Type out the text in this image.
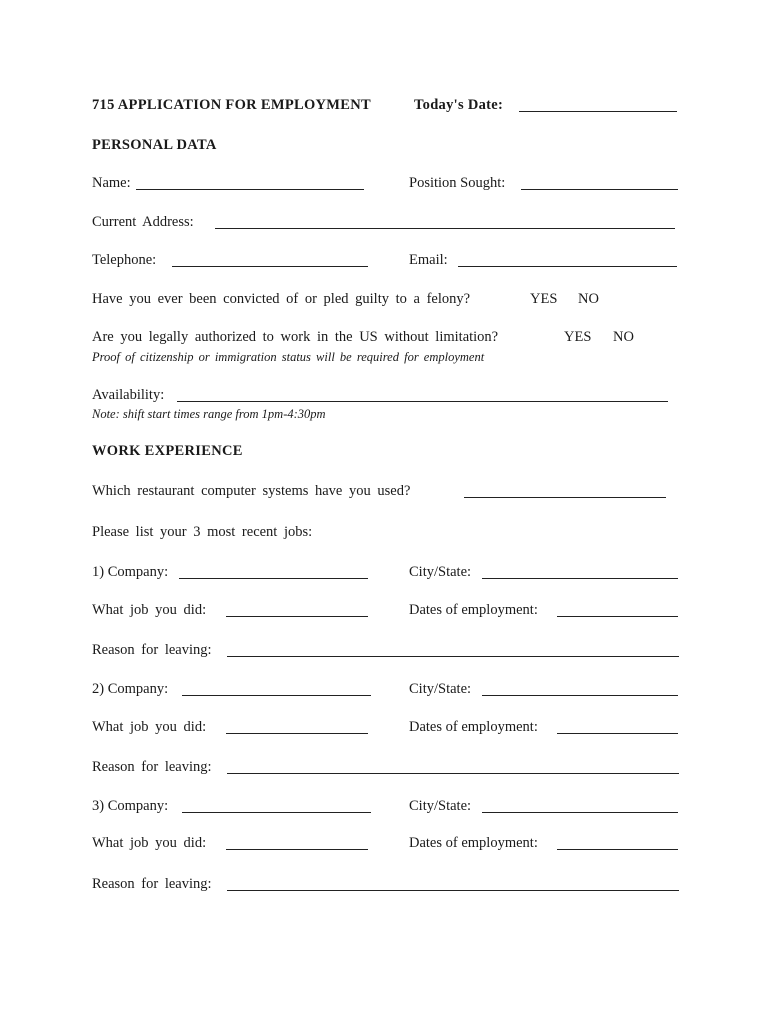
715 APPLICATION FOR EMPLOYMENT	Today's Date:
PERSONAL DATA
Name:	Position Sought:
Current Address:
Telephone:	Email:
Have you ever been convicted of or pled guilty to a felony?	YES NO
Are you legally authorized to work in the US without limitation?	YES NO
Proof of citizenship or immigration status will be required for employment
Availability:
Note: shift start times range from 1pm-4:30pm
WORK EXPERIENCE
Which restaurant computer systems have you used?
Please list your 3 most recent jobs:
1) Company:	City/State:
What job you did:	Dates of employment:
Reason for leaving:
2) Company:	City/State:
What job you did:	Dates of employment:
Reason for leaving:
3) Company:	City/State:
What job you did:	Dates of employment:
Reason for leaving:
